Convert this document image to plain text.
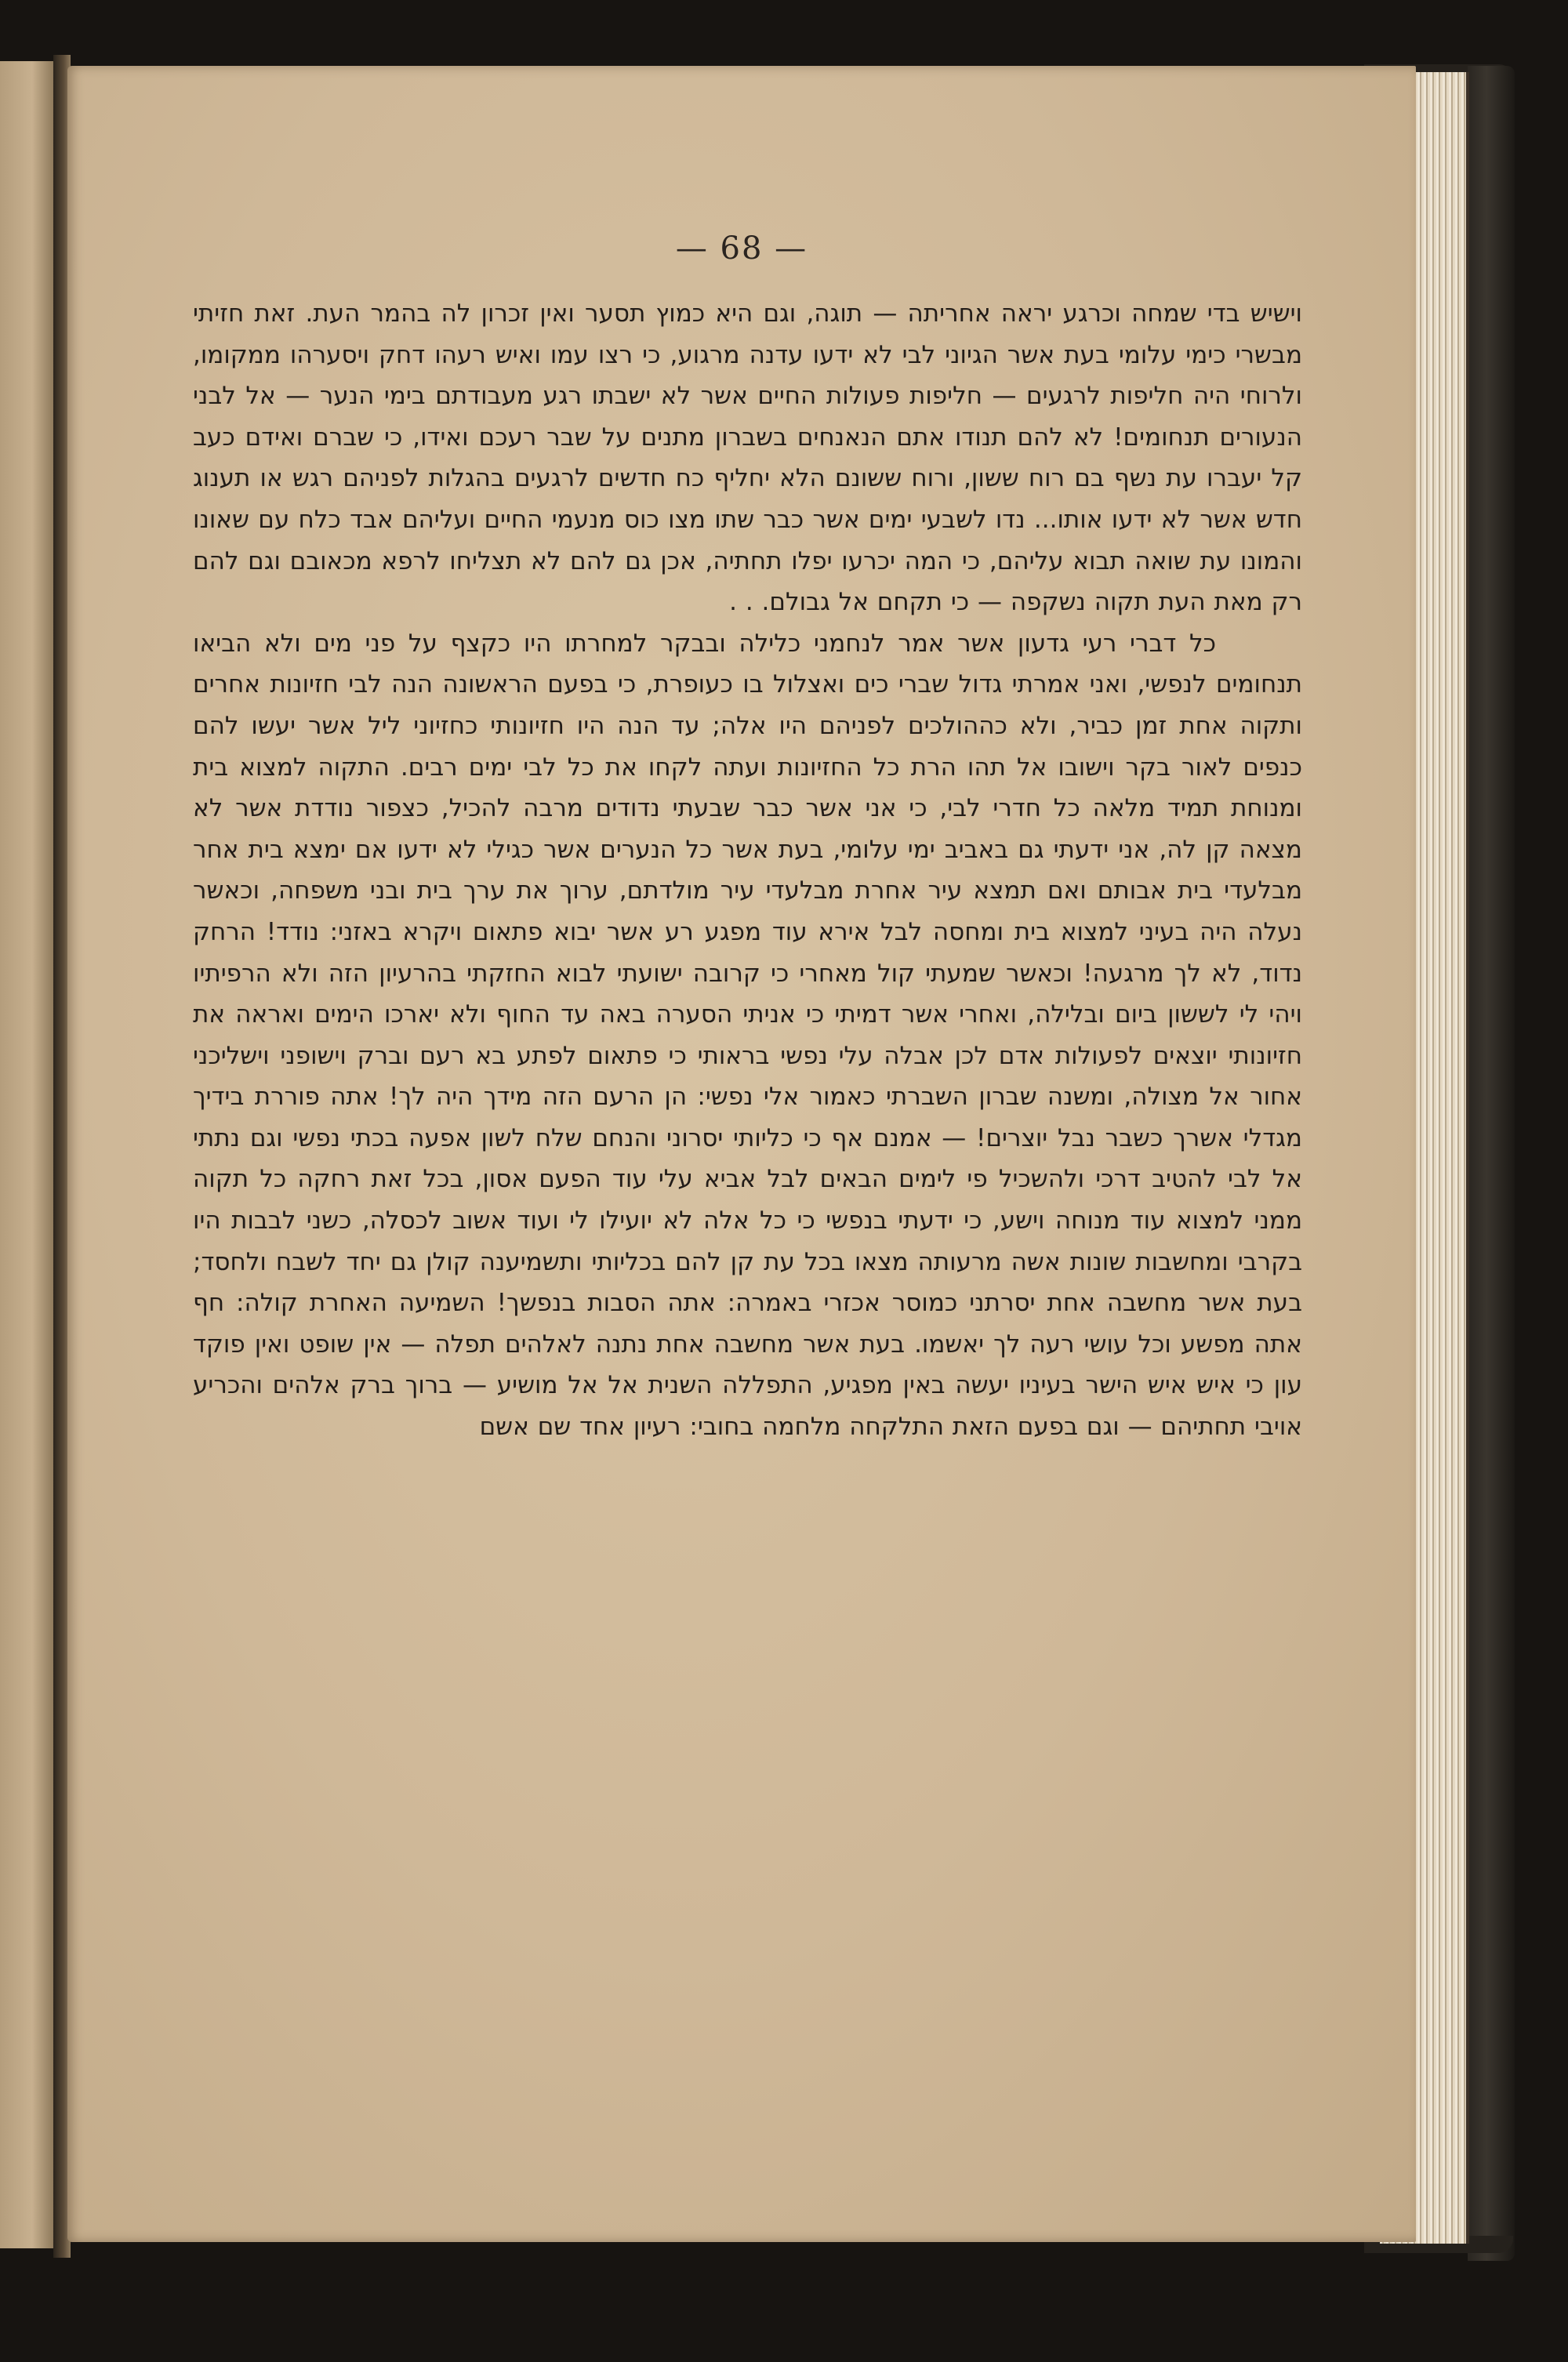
— 68 —

וישיש בדי שמחה וכרגע יראה אחריתה — תוגה, וגם היא כמוץ תסער ואין זכרון לה בהמר העת. זאת חזיתי מבשרי כימי עלומי בעת אשר הגיוני לבי לא ידעו עדנה מרגוע, כי רצו עמו ואיש רעהו דחק ויסערהו ממקומו, ולרוחי היה חליפות לרגעים — חליפות פעולות החיים אשר לא ישבתו רגע מעבודתם בימי הנער — אל לבני הנעורים תנחומים! לא להם תנודו אתם הנאנחים בשברון מתנים על שבר רעכם ואידו, כי שברם ואידם כעב קל יעברו עת נשף בם רוח ששון, ורוח ששונם הלא יחליף כח חדשים לרגעים בהגלות לפניהם רגש או תענוג חדש אשר לא ידעו אותו... נדו לשבעי ימים אשר כבר שתו מצו כוס מנעמי החיים ועליהם אבד כלח עם שאונו והמונו עת שואה תבוא עליהם, כי המה יכרעו יפלו תחתיה, אכן גם להם לא תצליחו לרפא מכאובם וגם להם רק מאת העת תקוה נשקפה — כי תקחם אל גבולם. . .

כל דברי רעי גדעון אשר אמר לנחמני כלילה ובבקר למחרתו היו כקצף על פני מים ולא הביאו תנחומים לנפשי, ואני אמרתי גדול שברי כים ואצלול בו כעופרת, כי בפעם הראשונה הנה לבי חזיונות אחרים ותקוה אחת זמן כביר, ולא כההולכים לפניהם היו אלה; עד הנה היו חזיונותי כחזיוני ליל אשר יעשו להם כנפים לאור בקר וישובו אל תהו הרת כל החזיונות ועתה לקחו את כל לבי ימים רבים. התקוה למצוא בית ומנוחת תמיד מלאה כל חדרי לבי, כי אני אשר כבר שבעתי נדודים מרבה להכיל, כצפור נודדת אשר לא מצאה קן לה, אני ידעתי גם באביב ימי עלומי, בעת אשר כל הנערים אשר כגילי לא ידעו אם ימצא בית אחר מבלעדי בית אבותם ואם תמצא עיר אחרת מבלעדי עיר מולדתם, ערוך את ערך בית ובני משפחה, וכאשר נעלה היה בעיני למצוא בית ומחסה לבל אירא עוד מפגע רע אשר יבוא פתאום ויקרא באזני: נודד! הרחק נדוד, לא לך מרגעה! וכאשר שמעתי קול מאחרי כי קרובה ישועתי לבוא החזקתי בהרעיון הזה ולא הרפיתיו ויהי לי לששון ביום ובלילה, ואחרי אשר דמיתי כי אניתי הסערה באה עד החוף ולא יארכו הימים ואראה את חזיונותי יוצאים לפעולות אדם לכן אבלה עלי נפשי בראותי כי פתאום לפתע בא רעם וברק וישופני וישליכני אחור אל מצולה, ומשנה שברון השברתי כאמור אלי נפשי: הן הרעם הזה מידך היה לך! אתה פוררת בידיך מגדלי אשרך כשבר נבל יוצרים! — אמנם אף כי כליותי יסרוני והנחם שלח לשון אפעה בכתי נפשי וגם נתתי אל לבי להטיב דרכי ולהשכיל פי לימים הבאים לבל אביא עלי עוד הפעם אסון, בכל זאת רחקה כל תקוה ממני למצוא עוד מנוחה וישע, כי ידעתי בנפשי כי כל אלה לא יועילו לי ועוד אשוב לכסלה, כשני לבבות היו בקרבי ומחשבות שונות אשה מרעותה מצאו בכל עת קן להם בכליותי ותשמיענה קולן גם יחד לשבח ולחסד; בעת אשר מחשבה אחת יסרתני כמוסר אכזרי באמרה: אתה הסבות בנפשך! השמיעה האחרת קולה: חף אתה מפשע וכל עושי רעה לך יאשמו. בעת אשר מחשבה אחת נתנה לאלהים תפלה — אין שופט ואין פוקד עון כי איש איש הישר בעיניו יעשה באין מפגיע, התפללה השנית אל אל מושיע — ברוך ברק אלהים והכריע אויבי תחתיהם — וגם בפעם הזאת התלקחה מלחמה בחובי: רעיון אחד שם אשם
